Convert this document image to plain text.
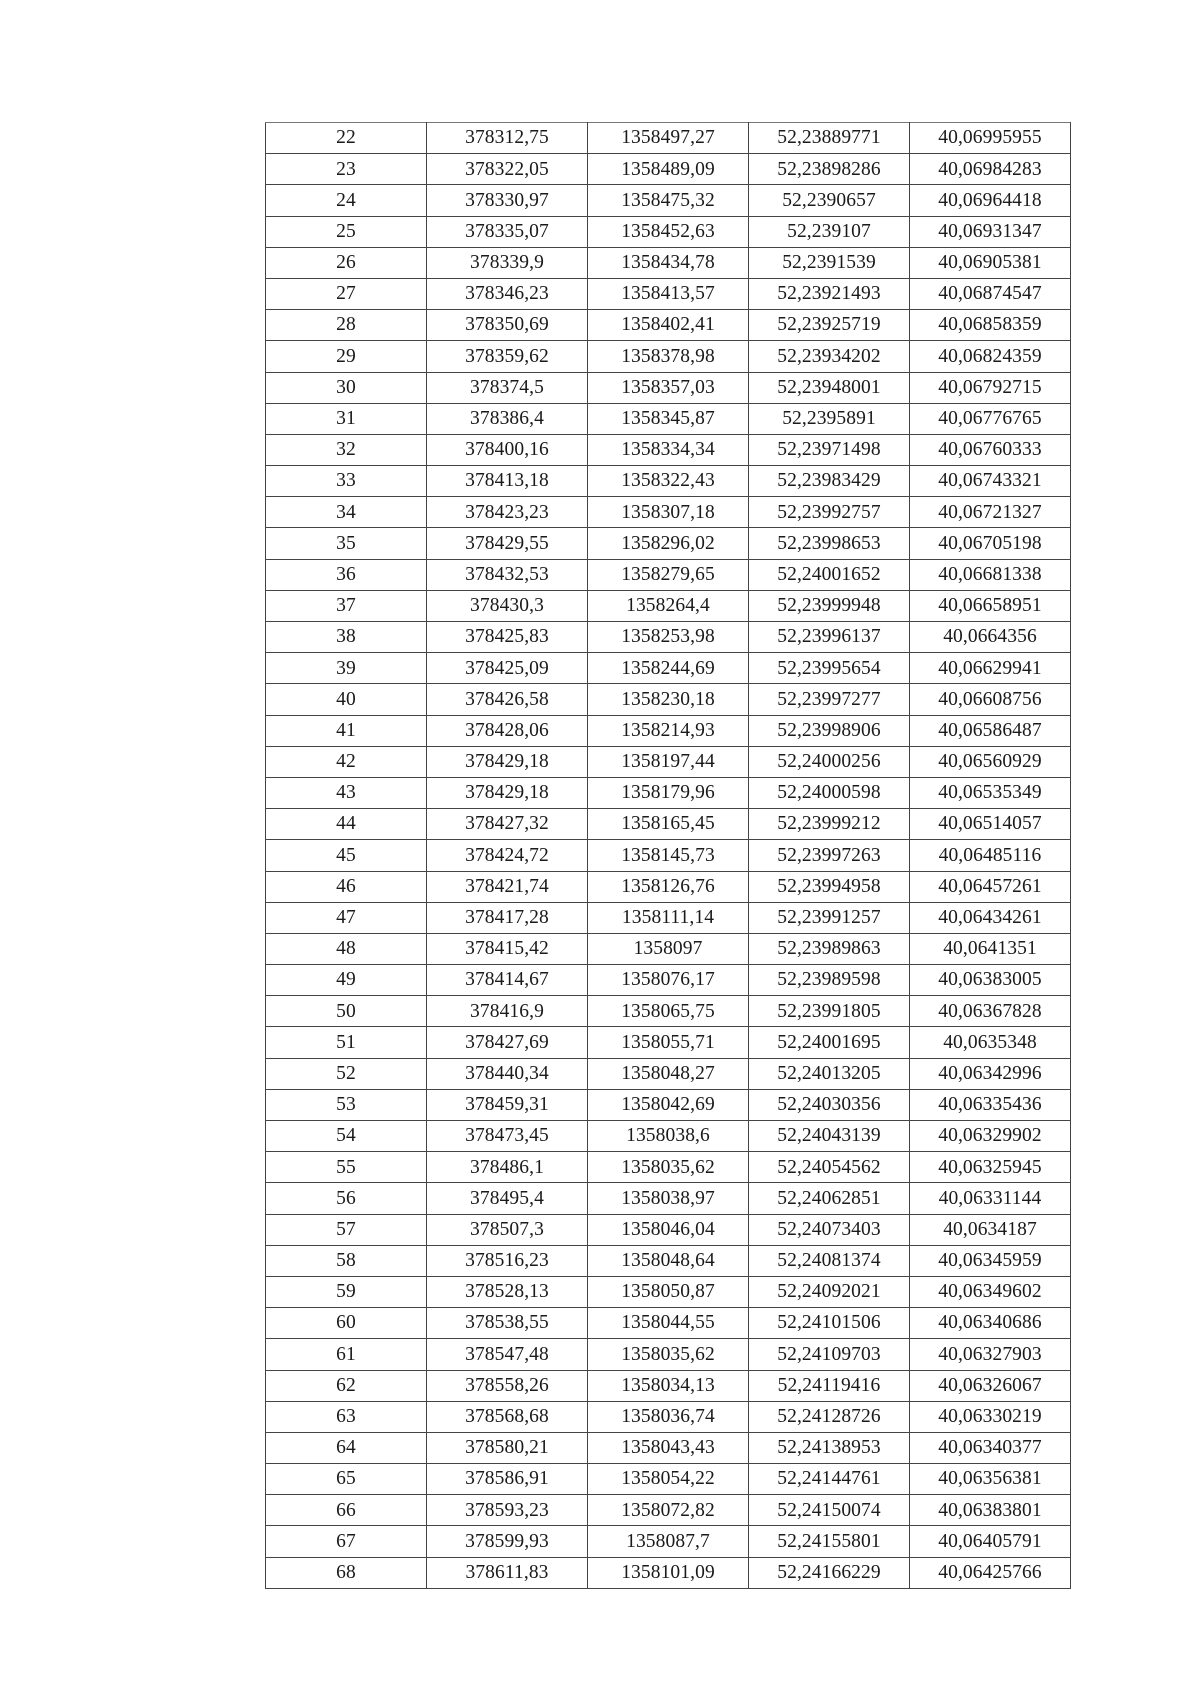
22	378312,75	1358497,27	52,23889771	40,06995955
23	378322,05	1358489,09	52,23898286	40,06984283
24	378330,97	1358475,32	52,2390657	40,06964418
25	378335,07	1358452,63	52,239107	40,06931347
26	378339,9	1358434,78	52,2391539	40,06905381
27	378346,23	1358413,57	52,23921493	40,06874547
28	378350,69	1358402,41	52,23925719	40,06858359
29	378359,62	1358378,98	52,23934202	40,06824359
30	378374,5	1358357,03	52,23948001	40,06792715
31	378386,4	1358345,87	52,2395891	40,06776765
32	378400,16	1358334,34	52,23971498	40,06760333
33	378413,18	1358322,43	52,23983429	40,06743321
34	378423,23	1358307,18	52,23992757	40,06721327
35	378429,55	1358296,02	52,23998653	40,06705198
36	378432,53	1358279,65	52,24001652	40,06681338
37	378430,3	1358264,4	52,23999948	40,06658951
38	378425,83	1358253,98	52,23996137	40,0664356
39	378425,09	1358244,69	52,23995654	40,06629941
40	378426,58	1358230,18	52,23997277	40,06608756
41	378428,06	1358214,93	52,23998906	40,06586487
42	378429,18	1358197,44	52,24000256	40,06560929
43	378429,18	1358179,96	52,24000598	40,06535349
44	378427,32	1358165,45	52,23999212	40,06514057
45	378424,72	1358145,73	52,23997263	40,06485116
46	378421,74	1358126,76	52,23994958	40,06457261
47	378417,28	1358111,14	52,23991257	40,06434261
48	378415,42	1358097	52,23989863	40,0641351
49	378414,67	1358076,17	52,23989598	40,06383005
50	378416,9	1358065,75	52,23991805	40,06367828
51	378427,69	1358055,71	52,24001695	40,0635348
52	378440,34	1358048,27	52,24013205	40,06342996
53	378459,31	1358042,69	52,24030356	40,06335436
54	378473,45	1358038,6	52,24043139	40,06329902
55	378486,1	1358035,62	52,24054562	40,06325945
56	378495,4	1358038,97	52,24062851	40,06331144
57	378507,3	1358046,04	52,24073403	40,0634187
58	378516,23	1358048,64	52,24081374	40,06345959
59	378528,13	1358050,87	52,24092021	40,06349602
60	378538,55	1358044,55	52,24101506	40,06340686
61	378547,48	1358035,62	52,24109703	40,06327903
62	378558,26	1358034,13	52,24119416	40,06326067
63	378568,68	1358036,74	52,24128726	40,06330219
64	378580,21	1358043,43	52,24138953	40,06340377
65	378586,91	1358054,22	52,24144761	40,06356381
66	378593,23	1358072,82	52,24150074	40,06383801
67	378599,93	1358087,7	52,24155801	40,06405791
68	378611,83	1358101,09	52,24166229	40,06425766
